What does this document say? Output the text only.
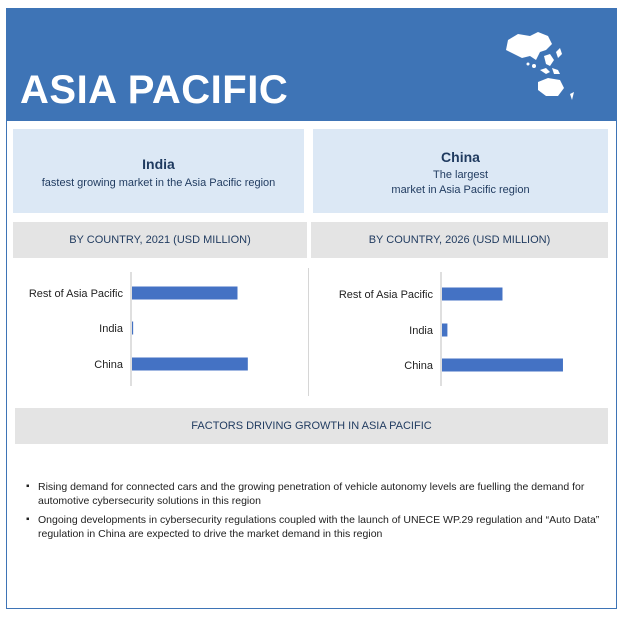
ASIA PACIFIC
India
fastest growing market in the Asia Pacific region
China
The largest
market in Asia Pacific region
BY COUNTRY, 2021 (USD MILLION)	BY COUNTRY, 2026 (USD MILLION)
Rest of Asia Pacific
India
China
Rest of Asia Pacific
India
China
FACTORS DRIVING GROWTH IN ASIA PACIFIC
▪ Rising demand for connected cars and the growing penetration of vehicle autonomy levels are fuelling the demand for automotive cybersecurity solutions in this region
▪ Ongoing developments in cybersecurity regulations coupled with the launch of UNECE WP.29 regulation and “Auto Data” regulation in China are expected to drive the market demand in this region
